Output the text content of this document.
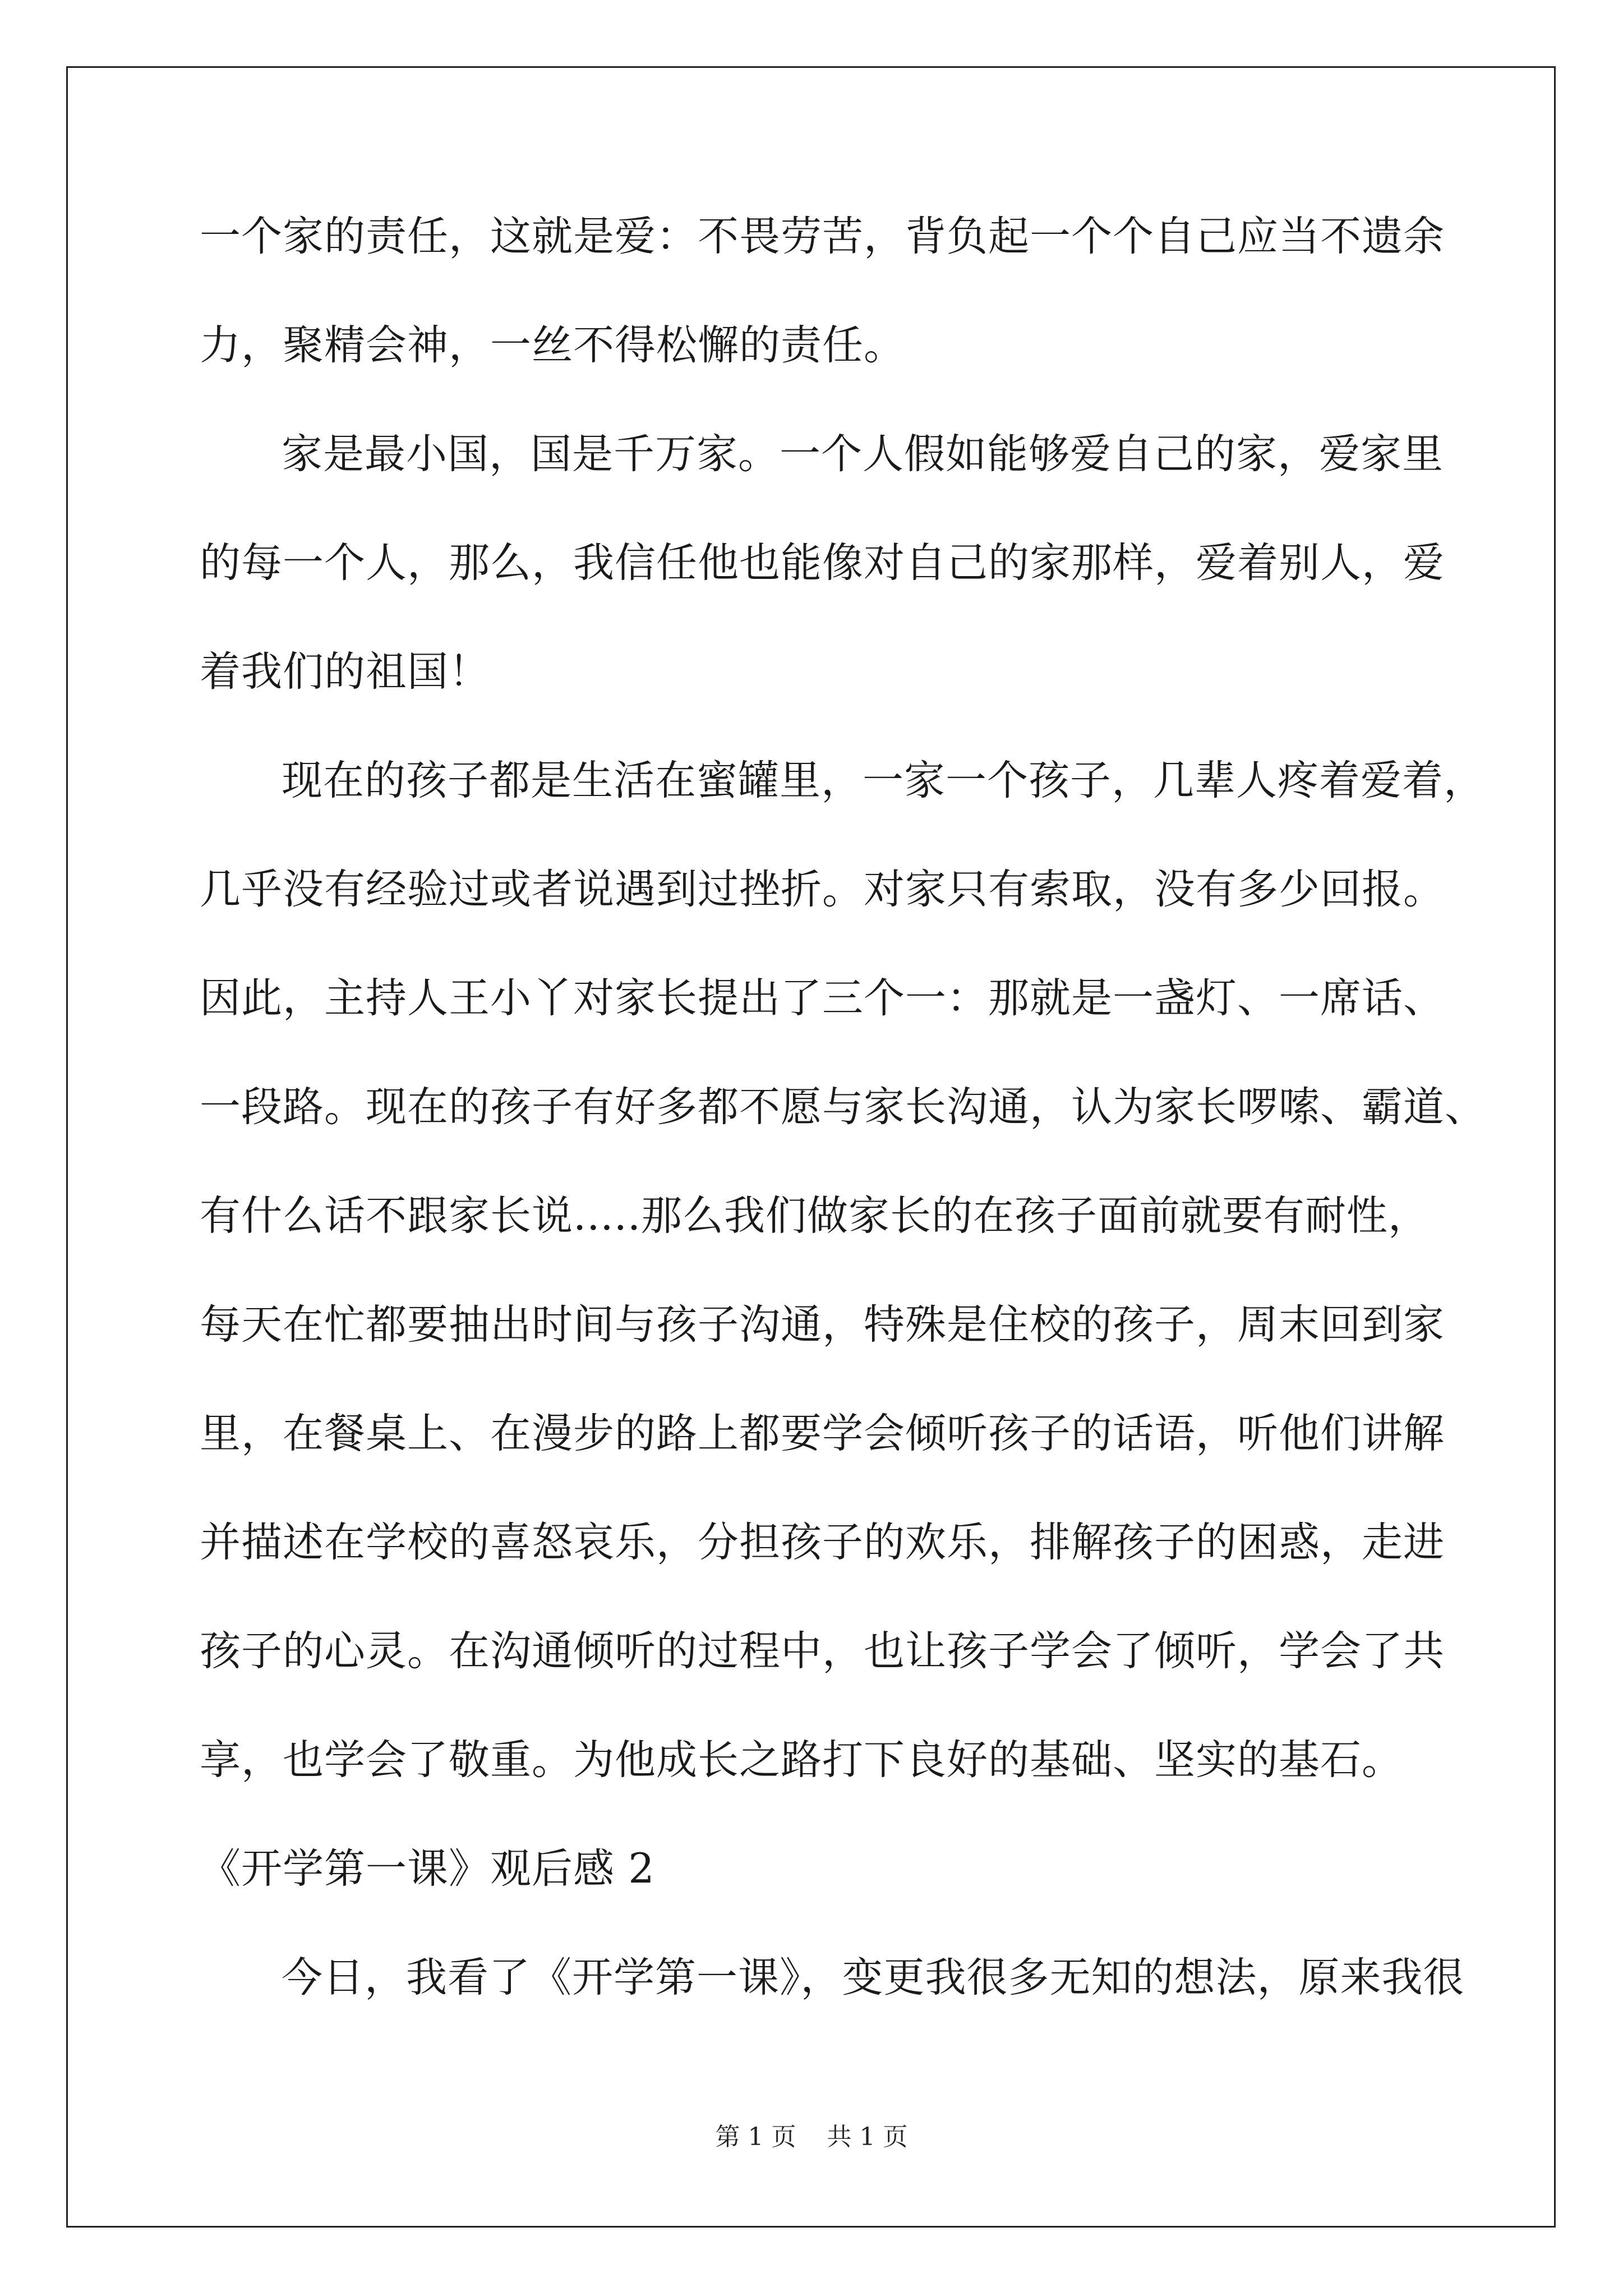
一个家的责任，这就是爱：不畏劳苦，背负起一个个自己应当不遗余
力，聚精会神，一丝不得松懈的责任。
家是最小国，国是千万家。一个人假如能够爱自己的家，爱家里
的每一个人，那么，我信任他也能像对自己的家那样，爱着别人，爱
着我们的祖国！
现在的孩子都是生活在蜜罐里，一家一个孩子，几辈人疼着爱着，
几乎没有经验过或者说遇到过挫折。对家只有索取，没有多少回报。
因此，主持人王小丫对家长提出了三个一：那就是一盏灯、一席话、
一段路。现在的孩子有好多都不愿与家长沟通，认为家长啰嗦、霸道、
有什么话不跟家长说.....那么我们做家长的在孩子面前就要有耐性，
每天在忙都要抽出时间与孩子沟通，特殊是住校的孩子，周末回到家
里，在餐桌上、在漫步的路上都要学会倾听孩子的话语，听他们讲解
并描述在学校的喜怒哀乐，分担孩子的欢乐，排解孩子的困惑，走进
孩子的心灵。在沟通倾听的过程中，也让孩子学会了倾听，学会了共
享，也学会了敬重。为他成长之路打下良好的基础、坚实的基石。
《开学第一课》观后感 2
今日，我看了《开学第一课》，变更我很多无知的想法，原来我很
第 1 页 共 1 页
